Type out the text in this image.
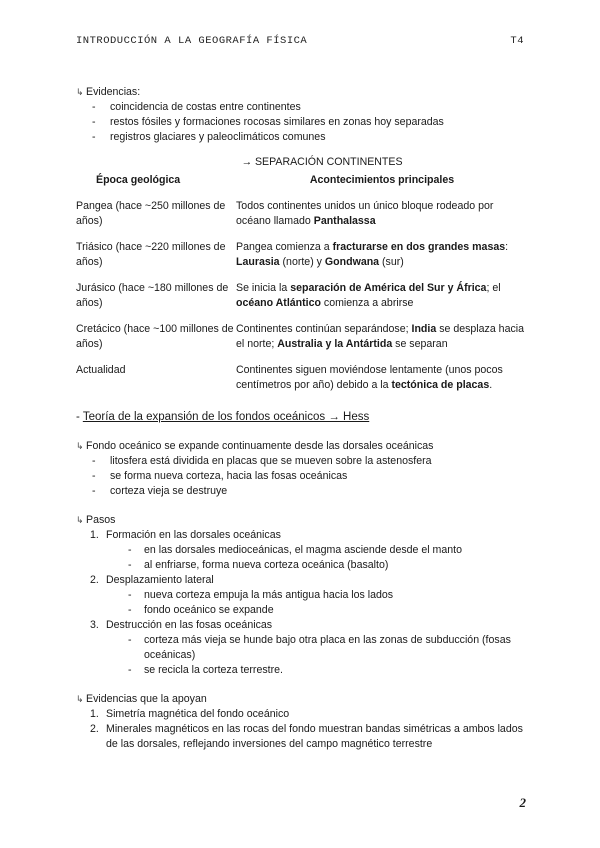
INTRODUCCIÓN A LA GEOGRAFÍA FÍSICA	T4
↳ Evidencias:
- coincidencia de costas entre continentes
- restos fósiles y formaciones rocosas similares en zonas hoy separadas
- registros glaciares y paleoclimáticos comunes
→ SEPARACIÓN CONTINENTES
Época geológica	Acontecimientos principales
Pangea (hace ~250 millones de años)	Todos continentes unidos un único bloque rodeado por océano llamado Panthalassa
Triásico (hace ~220 millones de años)	Pangea comienza a fracturarse en dos grandes masas: Laurasia (norte) y Gondwana (sur)
Jurásico (hace ~180 millones de años)	Se inicia la separación de América del Sur y África; el océano Atlántico comienza a abrirse
Cretácico (hace ~100 millones de años)	Continentes continúan separándose; India se desplaza hacia el norte; Australia y la Antártida se separan
Actualidad	Continentes siguen moviéndose lentamente (unos pocos centímetros por año) debido a la tectónica de placas.
- Teoría de la expansión de los fondos oceánicos → Hess
↳ Fondo oceánico se expande continuamente desde las dorsales oceánicas
- litosfera está dividida en placas que se mueven sobre la astenosfera
- se forma nueva corteza, hacia las fosas oceánicas
- corteza vieja se destruye
↳ Pasos
1. Formación en las dorsales oceánicas
- en las dorsales medioceánicas, el magma asciende desde el manto
- al enfriarse, forma nueva corteza oceánica (basalto)
2. Desplazamiento lateral
- nueva corteza empuja la más antigua hacia los lados
- fondo oceánico se expande
3. Destrucción en las fosas oceánicas
- corteza más vieja se hunde bajo otra placa en las zonas de subducción (fosas oceánicas)
- se recicla la corteza terrestre.
↳ Evidencias que la apoyan
1. Simetría magnética del fondo oceánico
2. Minerales magnéticos en las rocas del fondo muestran bandas simétricas a ambos lados de las dorsales, reflejando inversiones del campo magnético terrestre
2
